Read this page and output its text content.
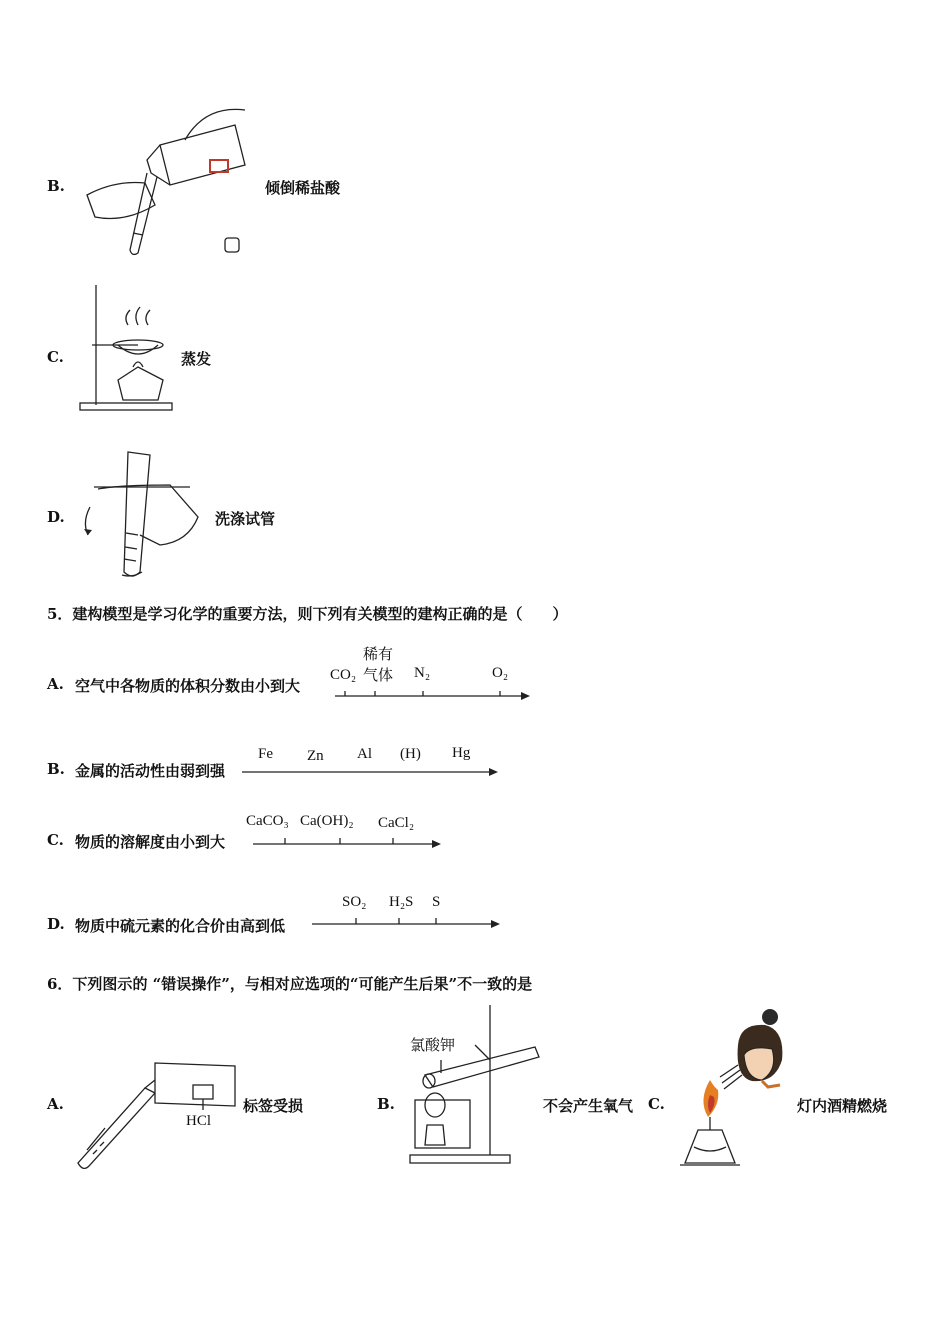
B.	倾倒稀盐酸
C.	蒸发
D.	洗涤试管
5．建构模型是学习化学的重要方法，则下列有关模型的建构正确的是（　　）
A. 空气中各物质的体积分数由小到大
CO₂
稀有
气体 N₂	O₂
B. 金属的活动性由弱到强
Fe Zn Al (H) Hg
C. 物质的溶解度由小到大
CaCO₃ Ca(OH)₂ CaCl₂
D. 物质中硫元素的化合价由高到低
SO₂ H₂S S
6．下列图示的 “错误操作”，与相对应选项的“可能产生后果”不一致的是
A.
HCl
标签受损	B.
氯酸钾
不会产生氧气 C.	灯内酒精燃烧
